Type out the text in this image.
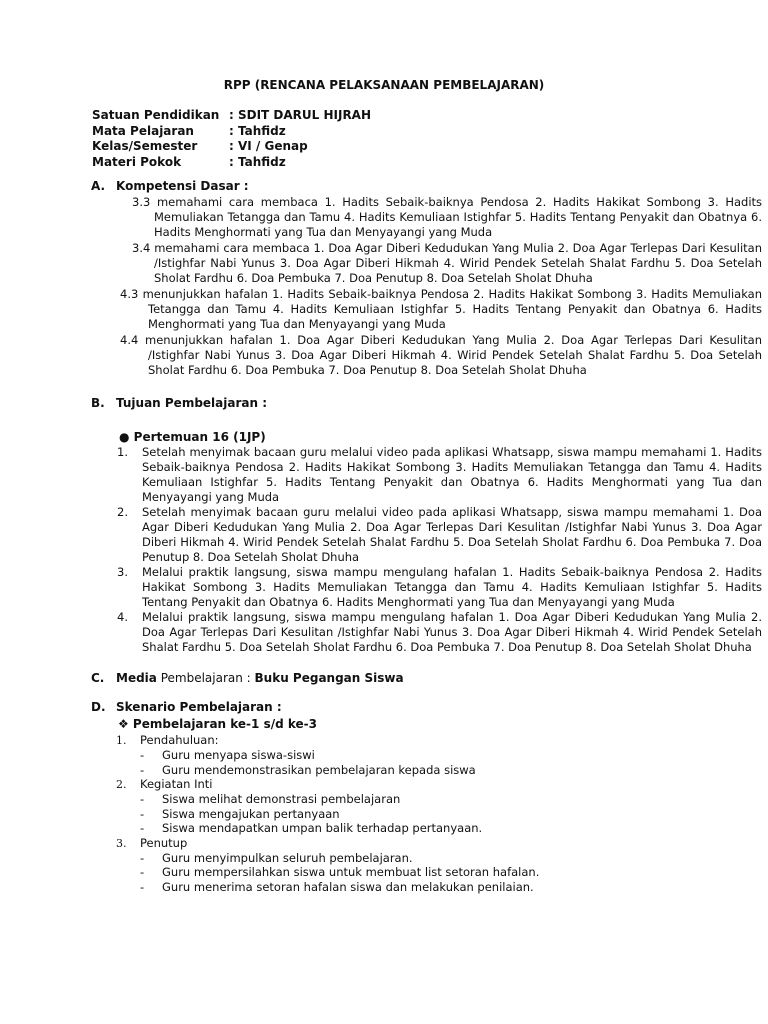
RPP (RENCANA PELAKSANAAN PEMBELAJARAN)
Satuan Pendidikan : SDIT DARUL HIJRAH
Mata Pelajaran	: Tahfidz
Kelas/Semester	: VI / Genap
Materi Pokok	: Tahfidz
A. Kompetensi Dasar :
3.3 memahami cara membaca 1. Hadits Sebaik-baiknya Pendosa 2. Hadits Hakikat Sombong 3. Hadits Memuliakan Tetangga dan Tamu 4. Hadits Kemuliaan Istighfar 5. Hadits Tentang Penyakit dan Obatnya 6. Hadits Menghormati yang Tua dan Menyayangi yang Muda
3.4 memahami cara membaca 1. Doa Agar Diberi Kedudukan Yang Mulia 2. Doa Agar Terlepas Dari Kesulitan /Istighfar Nabi Yunus 3. Doa Agar Diberi Hikmah 4. Wirid Pendek Setelah Shalat Fardhu 5. Doa Setelah Sholat Fardhu 6. Doa Pembuka 7. Doa Penutup 8. Doa Setelah Sholat Dhuha
4.3 menunjukkan hafalan 1. Hadits Sebaik-baiknya Pendosa 2. Hadits Hakikat Sombong 3. Hadits Memuliakan Tetangga dan Tamu 4. Hadits Kemuliaan Istighfar 5. Hadits Tentang Penyakit dan Obatnya 6. Hadits Menghormati yang Tua dan Menyayangi yang Muda
4.4 menunjukkan hafalan 1. Doa Agar Diberi Kedudukan Yang Mulia 2. Doa Agar Terlepas Dari Kesulitan /Istighfar Nabi Yunus 3. Doa Agar Diberi Hikmah 4. Wirid Pendek Setelah Shalat Fardhu 5. Doa Setelah Sholat Fardhu 6. Doa Pembuka 7. Doa Penutup 8. Doa Setelah Sholat Dhuha
B. Tujuan Pembelajaran :
● Pertemuan 16 (1JP)
1. Setelah menyimak bacaan guru melalui video pada aplikasi Whatsapp, siswa mampu memahami 1. Hadits Sebaik-baiknya Pendosa 2. Hadits Hakikat Sombong 3. Hadits Memuliakan Tetangga dan Tamu 4. Hadits Kemuliaan Istighfar 5. Hadits Tentang Penyakit dan Obatnya 6. Hadits Menghormati yang Tua dan Menyayangi yang Muda
2. Setelah menyimak bacaan guru melalui video pada aplikasi Whatsapp, siswa mampu memahami 1. Doa Agar Diberi Kedudukan Yang Mulia 2. Doa Agar Terlepas Dari Kesulitan /Istighfar Nabi Yunus 3. Doa Agar Diberi Hikmah 4. Wirid Pendek Setelah Shalat Fardhu 5. Doa Setelah Sholat Fardhu 6. Doa Pembuka 7. Doa Penutup 8. Doa Setelah Sholat Dhuha
3. Melalui praktik langsung, siswa mampu mengulang hafalan 1. Hadits Sebaik-baiknya Pendosa 2. Hadits Hakikat Sombong 3. Hadits Memuliakan Tetangga dan Tamu 4. Hadits Kemuliaan Istighfar 5. Hadits Tentang Penyakit dan Obatnya 6. Hadits Menghormati yang Tua dan Menyayangi yang Muda
4. Melalui praktik langsung, siswa mampu mengulang hafalan 1. Doa Agar Diberi Kedudukan Yang Mulia 2. Doa Agar Terlepas Dari Kesulitan /Istighfar Nabi Yunus 3. Doa Agar Diberi Hikmah 4. Wirid Pendek Setelah Shalat Fardhu 5. Doa Setelah Sholat Fardhu 6. Doa Pembuka 7. Doa Penutup 8. Doa Setelah Sholat Dhuha
C. Media Pembelajaran : Buku Pegangan Siswa
D. Skenario Pembelajaran :
❖ Pembelajaran ke-1 s/d ke-3
1. Pendahuluan:
- Guru menyapa siswa-siswi
- Guru mendemonstrasikan pembelajaran kepada siswa
2. Kegiatan Inti
- Siswa melihat demonstrasi pembelajaran
- Siswa mengajukan pertanyaan
- Siswa mendapatkan umpan balik terhadap pertanyaan.
3. Penutup
- Guru menyimpulkan seluruh pembelajaran.
- Guru mempersilahkan siswa untuk membuat list setoran hafalan.
- Guru menerima setoran hafalan siswa dan melakukan penilaian.
